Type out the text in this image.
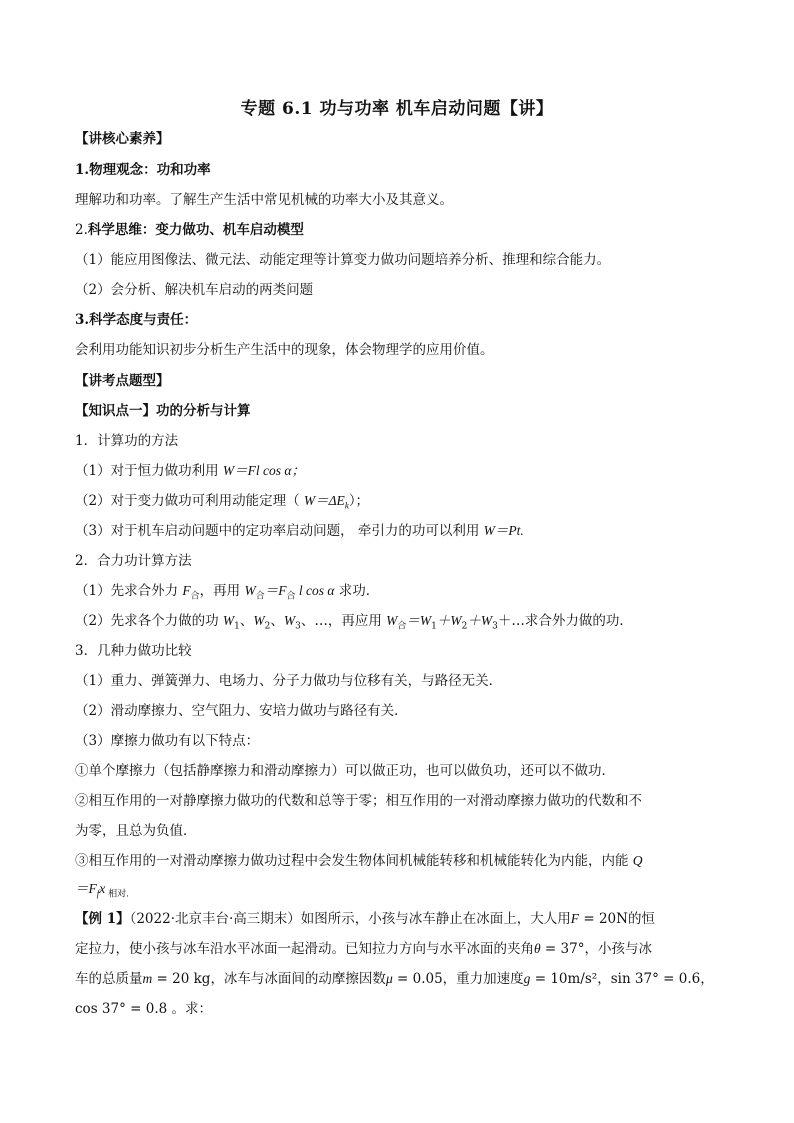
专题 6.1 功与功率 机车启动问题【讲】
【讲核心素养】
1.物理观念：功和功率
理解功和功率。了解生产生活中常见机械的功率大小及其意义。
2.科学思维：变力做功、机车启动模型
（1）能应用图像法、微元法、动能定理等计算变力做功问题培养分析、推理和综合能力。
（2）会分析、解决机车启动的两类问题
3.科学态度与责任：
会利用功能知识初步分析生产生活中的现象，体会物理学的应用价值。
【讲考点题型】
【知识点一】功的分析与计算
1．计算功的方法
（1）对于恒力做功利用 W＝Fl cos α；
（2）对于变力做功可利用动能定理（ $W=\Delta E_k$）；
（3）对于机车启动问题中的定功率启动问题， 牵引力的功可以利用 W＝Pt.
2．合力功计算方法
（1）先求合外力 $F_合$，再用 $W_合=F_合$ l cos α 求功．
（2）先求各个力做的功 $W_1$、$W_2$、$W_3$、…，再应用 $W_合=W_1+W_2+W_3+\dots$求合外力做的功．
3．几种力做功比较
（1）重力、弹簧弹力、电场力、分子力做功与位移有关，与路径无关．
（2）滑动摩擦力、空气阻力、安培力做功与路径有关．
（3）摩擦力做功有以下特点：
①单个摩擦力（包括静摩擦力和滑动摩擦力）可以做正功，也可以做负功，还可以不做功．
②相互作用的一对静摩擦力做功的代数和总等于零；相互作用的一对滑动摩擦力做功的代数和不
为零，且总为负值．
③相互作用的一对滑动摩擦力做功过程中会发生物体间机械能转移和机械能转化为内能，内能 Q
$=F_fx$ $_{相对.}$
【例 1】（2022·北京丰台·高三期末）如图所示，小孩与冰车静止在冰面上，大人用F = 20N的恒
定拉力，使小孩与冰车沿水平冰面一起滑动。已知拉力方向与水平冰面的夹角θ = 37°，小孩与冰
车的总质量m = 20 kg，冰车与冰面间的动摩擦因数μ = 0.05，重力加速度g = 10m/s²，sin 37° = 0.6，
cos 37° = 0.8 。求：
